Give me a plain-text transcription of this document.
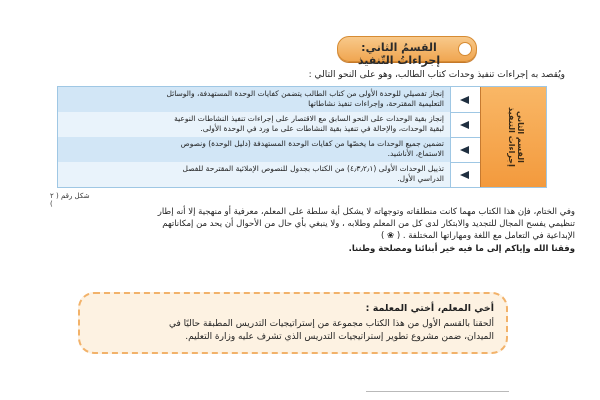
القسمُ الثاني: إجراءاتُ التّنفيذ
ويُقصد به إجراءات تنفيذ وحدات كتاب الطالب، وهو على النحو التالي :
إنجاز تفصيلي للوحدة الأولى من كتاب الطالب يتضمن كفايات الوحدة المستهدفة، والوسائل
التعليمية المقترحة، وإجراءات تنفيذ نشاطاتها
إنجاز بقية الوحدات على النحو السابق مع الاقتصار على إجراءات تنفيذ النشاطات النوعية
لبقية الوحدات، والإحالة في تنفيذ بقية النشاطات على ما ورد في الوحدة الأولى.
تضمين جميع الوحدات ما يخصّها من كفايات الوحدة المستهدفة (دليل الوحدة) ونصوص
الاستماع، الأناشيد.
تذييل الوحدات الأولى (٤٫٣٫٢٫١) من الكتاب بجدول للنصوص الإملائية المقترحة للفصل
الدراسي الأول.
القسم الثاني إجراءات التنفيذ
شكل رقم ( ٢ )
وفي الختام، فإن هذا الكتاب مهما كانت منطلقاته وتوجهاته لا يشكل أية سلطة على المعلم، معرفية أو منهجية إلا أنه إطار
تنظيمي يفسح المجال للتجديد والابتكار لدى كل من المعلم وطلابه ، ولا ينبغي بأي حال من الأحوال أن يحد من إمكاناتهم
الإبداعية في التعامل مع اللغة ومهاراتها المختلفة . ( ❀ )
وفقنا الله وإياكم إلى ما فيه خير أبنائنا ومصلحة وطننا.
أخي المعلم، أختي المعلمة :
ألحقنا بالقسم الأول من هذا الكتاب مجموعة من إستراتيجيات التدريس المطبقة حاليًا في
الميدان، ضمن مشروع تطوير إستراتيجيات التدريس الذي تشرف عليه وزارة التعليم.
